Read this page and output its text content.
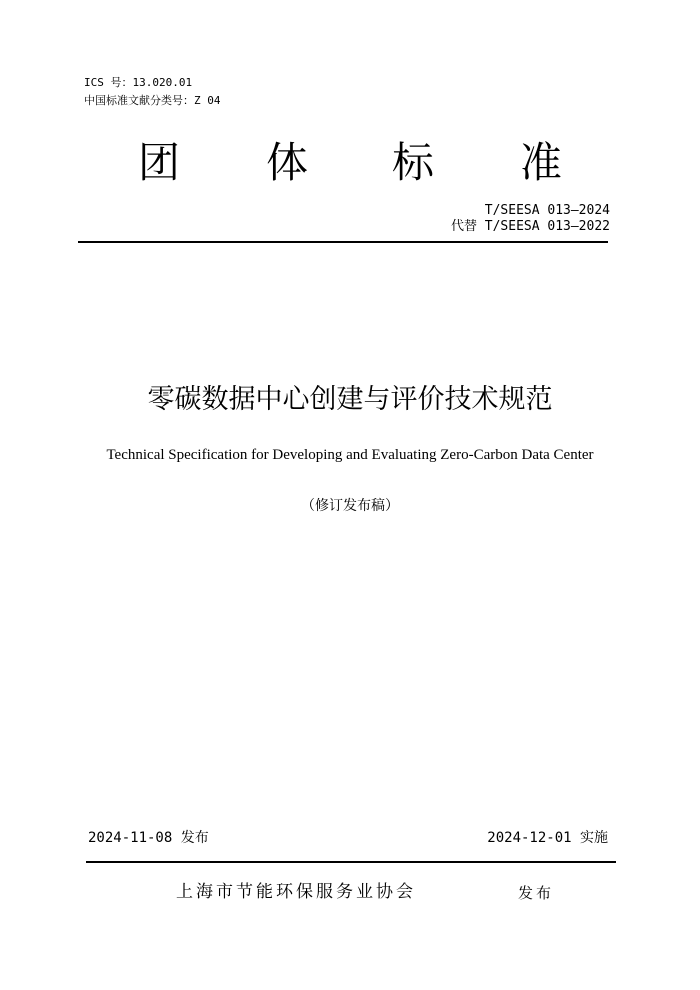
ICS 号：13.020.01
中国标准文献分类号：Z 04
团 体 标 准
T/SEESA 013—2024
代替 T/SEESA 013—2022
零碳数据中心创建与评价技术规范
Technical Specification for Developing and Evaluating Zero-Carbon Data Center
（修订发布稿）
2024-11-08 发布	2024-12-01 实施
上海市节能环保服务业协会	发布
